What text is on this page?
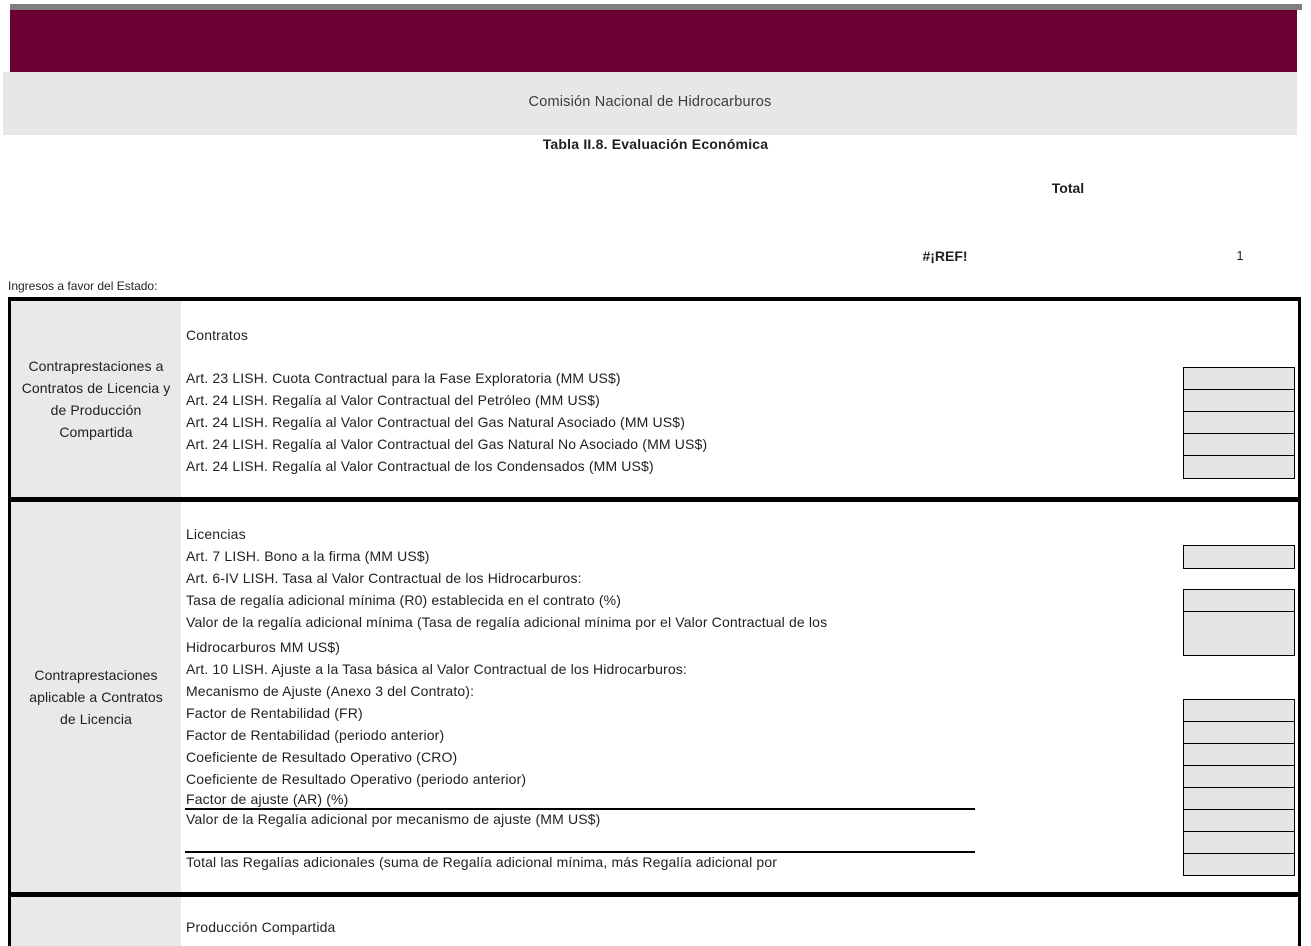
Comisión Nacional de Hidrocarburos
Tabla II.8. Evaluación Económica
Total
#¡REF!	1
Ingresos a favor del Estado:
Contraprestaciones a Contratos de Licencia y de Producción Compartida
Contraprestaciones aplicable a Contratos de Licencia
Contratos
Art. 23 LISH. Cuota Contractual para la Fase Exploratoria (MM US$)
Art. 24 LISH. Regalía al Valor Contractual del Petróleo (MM US$)
Art. 24 LISH. Regalía al Valor Contractual del Gas Natural Asociado (MM US$)
Art. 24 LISH. Regalía al Valor Contractual del Gas Natural No Asociado (MM US$)
Art. 24 LISH. Regalía al Valor Contractual de los Condensados (MM US$)
Licencias
Art. 7 LISH. Bono a la firma (MM US$)
Art. 6-IV LISH. Tasa al Valor Contractual de los Hidrocarburos:
Tasa de regalía adicional mínima (R0) establecida en el contrato (%)
Valor de la regalía adicional mínima (Tasa de regalía adicional mínima por el Valor Contractual de los
Hidrocarburos MM US$)
Art. 10 LISH. Ajuste a la Tasa básica al Valor Contractual de los Hidrocarburos:
Mecanismo de Ajuste (Anexo 3 del Contrato):
Factor de Rentabilidad (FR)
Factor de Rentabilidad (periodo anterior)
Coeficiente de Resultado Operativo (CRO)
Coeficiente de Resultado Operativo (periodo anterior)
Factor de ajuste (AR) (%)
Valor de la Regalía adicional por mecanismo de ajuste (MM US$)
Total las Regalías adicionales (suma de Regalía adicional mínima, más Regalía adicional por
Producción Compartida
